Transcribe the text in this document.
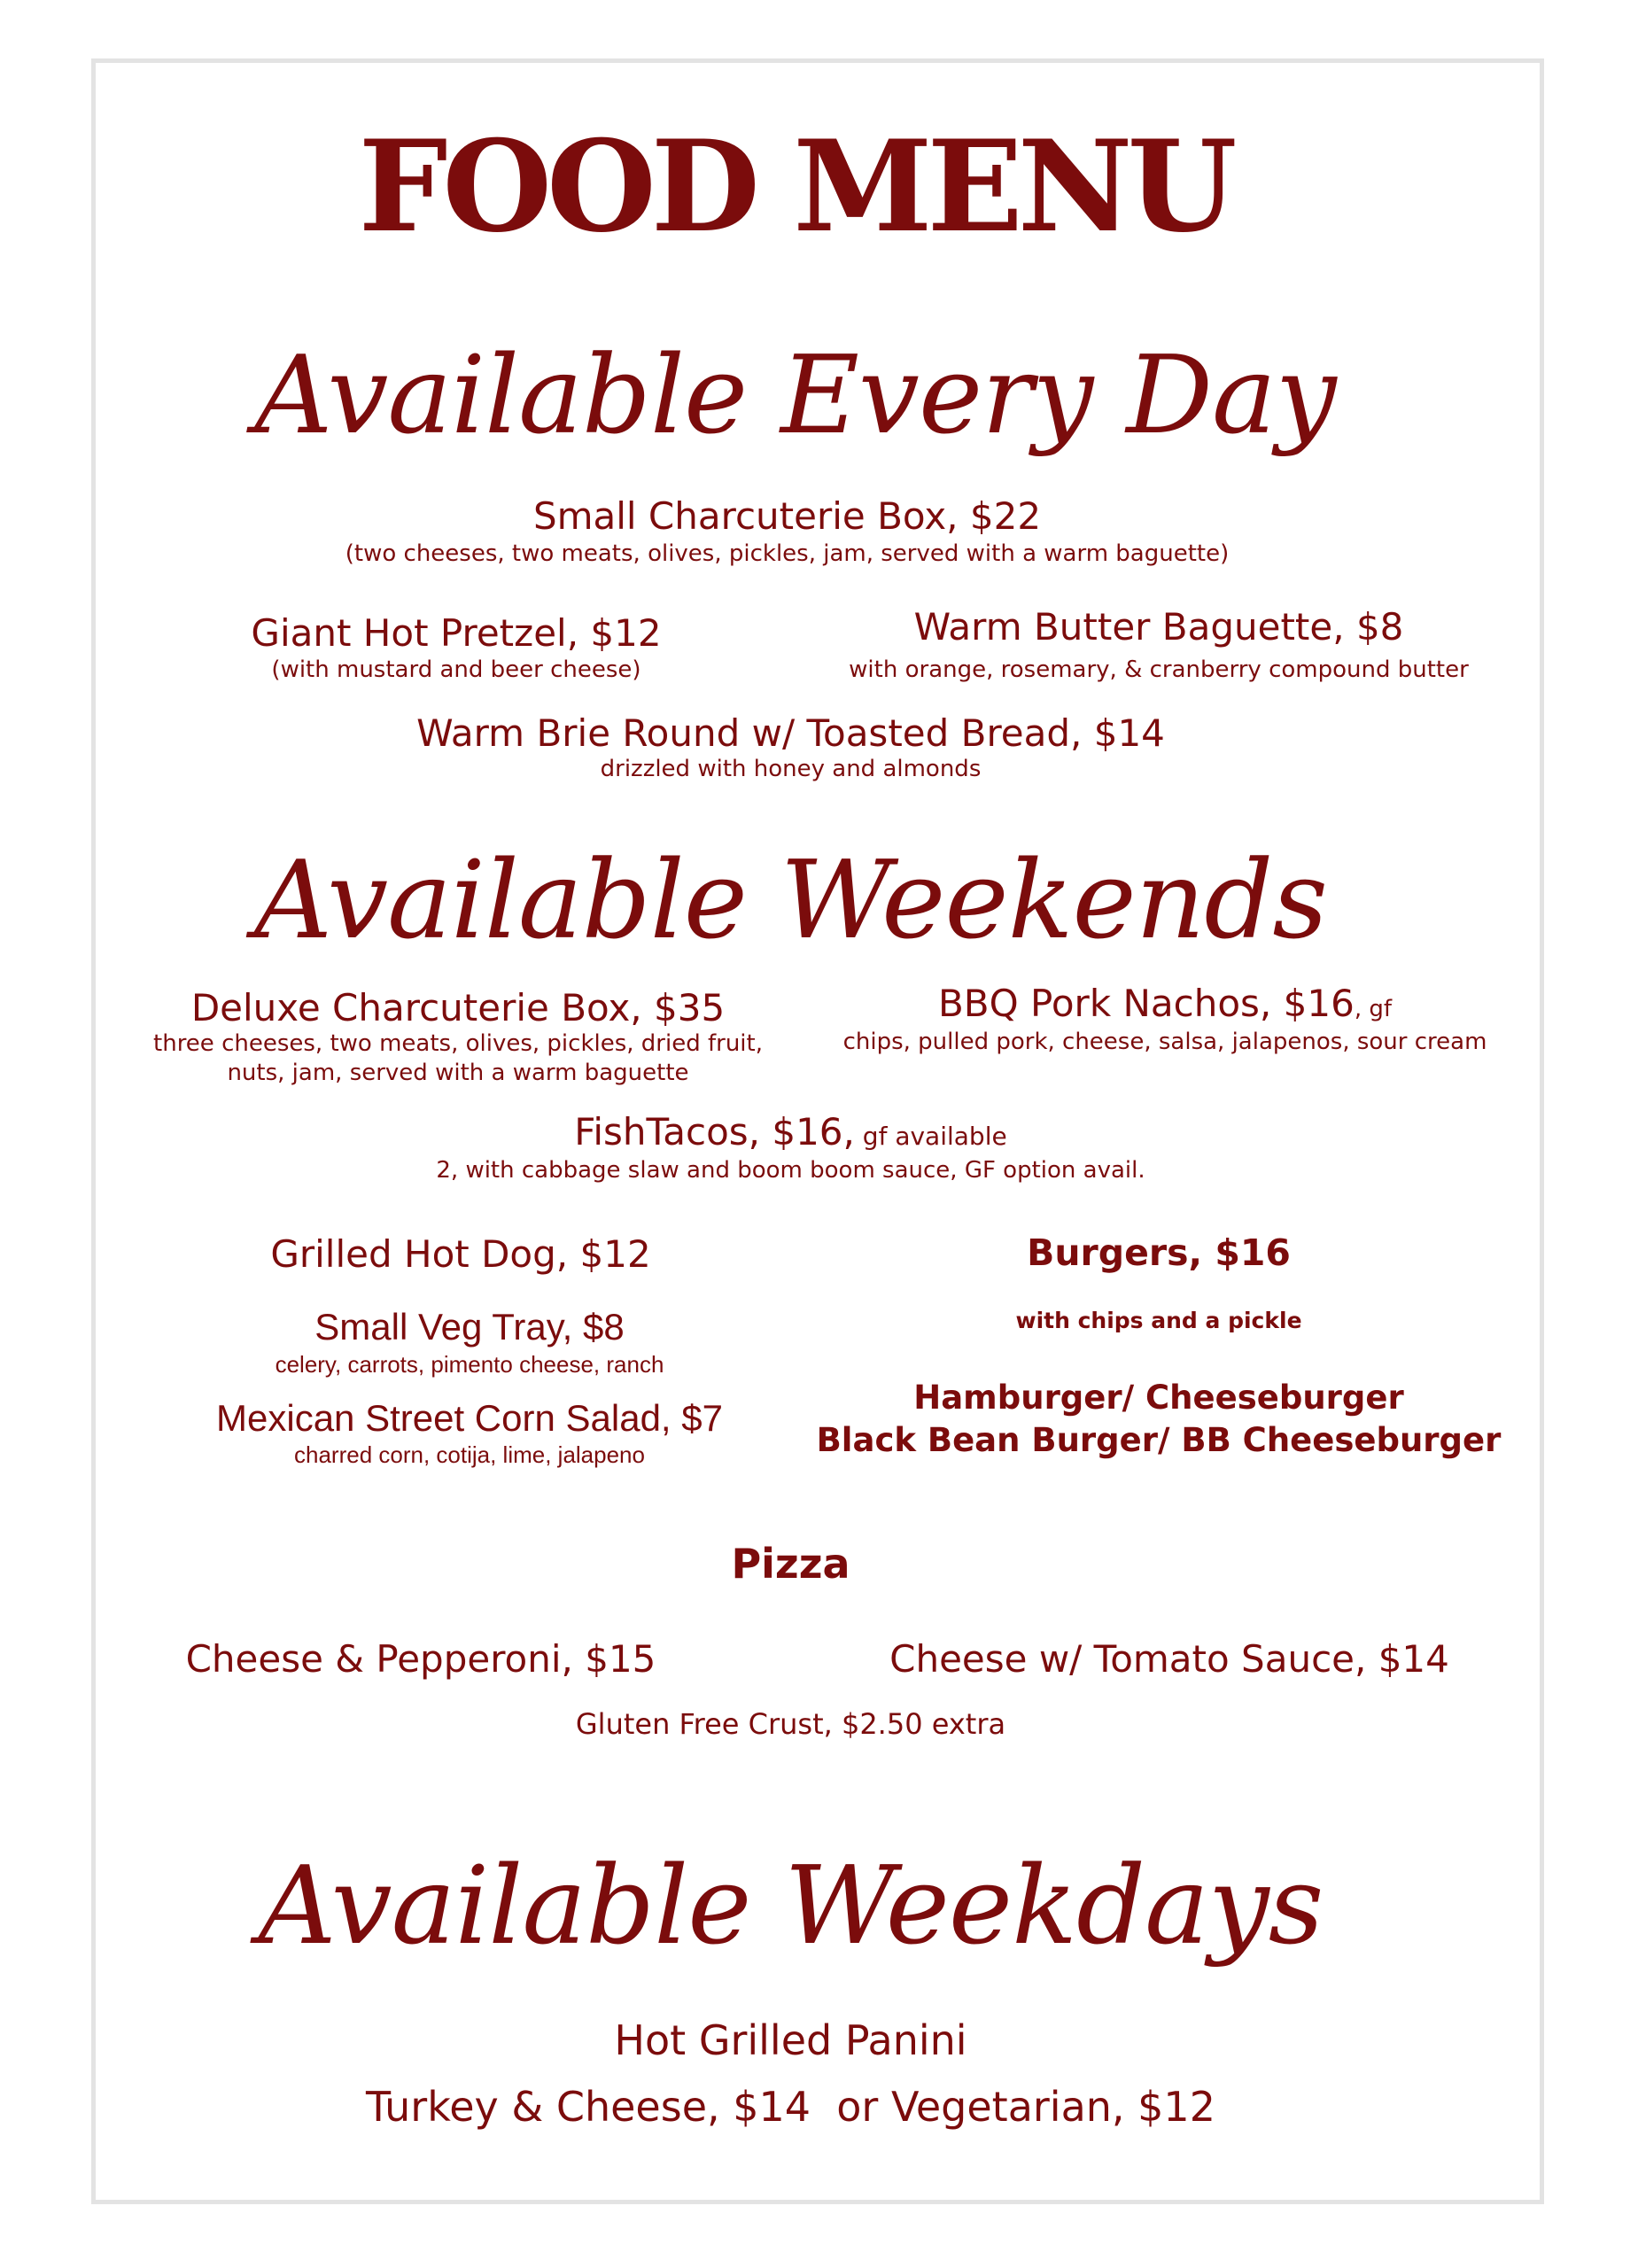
FOOD MENU
Available Every Day
Small Charcuterie Box, $22
(two cheeses, two meats, olives, pickles, jam, served with a warm baguette)
Giant Hot Pretzel, $12
(with mustard and beer cheese)
Warm Butter Baguette, $8
with orange, rosemary, & cranberry compound butter
Warm Brie Round w/ Toasted Bread, $14
drizzled with honey and almonds
Available Weekends
Deluxe Charcuterie Box, $35
three cheeses, two meats, olives, pickles, dried fruit,
nuts, jam, served with a warm baguette
BBQ Pork Nachos, $16, gf
chips, pulled pork, cheese, salsa, jalapenos, sour cream
FishTacos, $16, gf available
2, with cabbage slaw and boom boom sauce, GF option avail.
Grilled Hot Dog, $12
Small Veg Tray, $8
celery, carrots, pimento cheese, ranch
Mexican Street Corn Salad, $7
charred corn, cotija, lime, jalapeno
Burgers, $16
with chips and a pickle
Hamburger/ Cheeseburger
Black Bean Burger/ BB Cheeseburger
Pizza
Cheese & Pepperoni, $15	Cheese w/ Tomato Sauce, $14
Gluten Free Crust, $2.50 extra
Available Weekdays
Hot Grilled Panini
Turkey & Cheese, $14  or Vegetarian, $12
